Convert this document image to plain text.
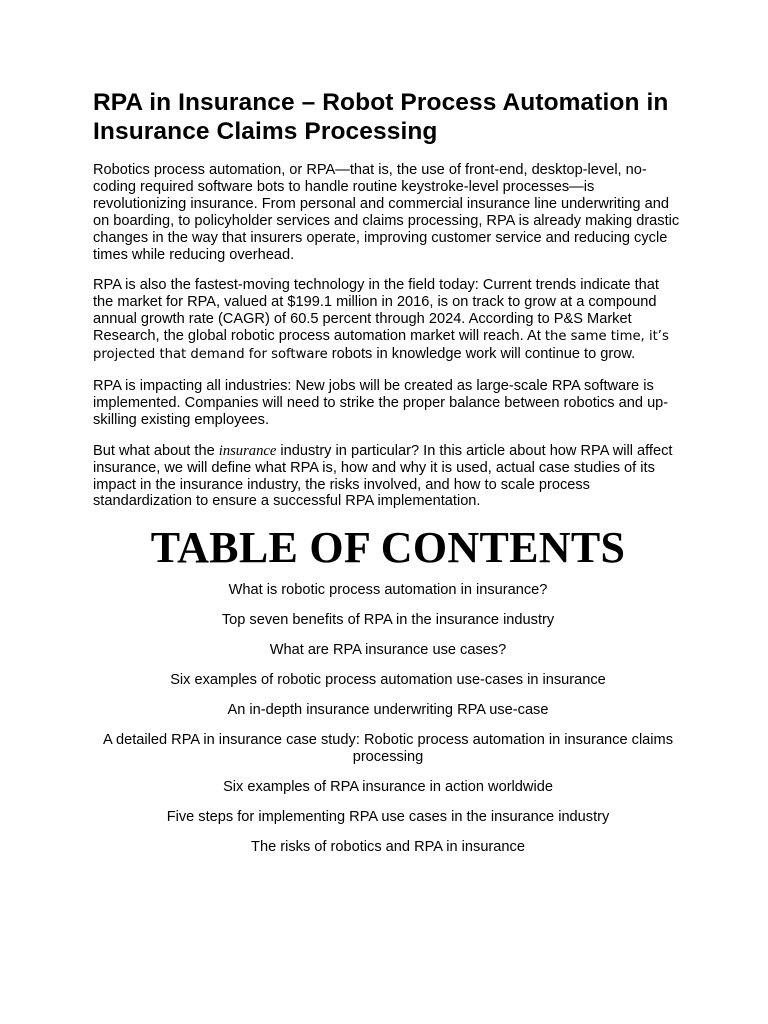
RPA in Insurance – Robot Process Automation in Insurance Claims Processing

Robotics process automation, or RPA—that is, the use of front-end, desktop-level, no-coding required software bots to handle routine keystroke-level processes—is revolutionizing insurance. From personal and commercial insurance line underwriting and on boarding, to policyholder services and claims processing, RPA is already making drastic changes in the way that insurers operate, improving customer service and reducing cycle times while reducing overhead.

RPA is also the fastest-moving technology in the field today: Current trends indicate that the market for RPA, valued at $199.1 million in 2016, is on track to grow at a compound annual growth rate (CAGR) of 60.5 percent through 2024. According to P&S Market Research, the global robotic process automation market will reach. At the same time, it’s projected that demand for software robots in knowledge work will continue to grow.

RPA is impacting all industries: New jobs will be created as large-scale RPA software is implemented. Companies will need to strike the proper balance between robotics and up-skilling existing employees.

But what about the insurance industry in particular? In this article about how RPA will affect insurance, we will define what RPA is, how and why it is used, actual case studies of its impact in the insurance industry, the risks involved, and how to scale process standardization to ensure a successful RPA implementation.

TABLE OF CONTENTS
What is robotic process automation in insurance?
Top seven benefits of RPA in the insurance industry
What are RPA insurance use cases?
Six examples of robotic process automation use-cases in insurance
An in-depth insurance underwriting RPA use-case
A detailed RPA in insurance case study: Robotic process automation in insurance claims processing
Six examples of RPA insurance in action worldwide
Five steps for implementing RPA use cases in the insurance industry
The risks of robotics and RPA in insurance
